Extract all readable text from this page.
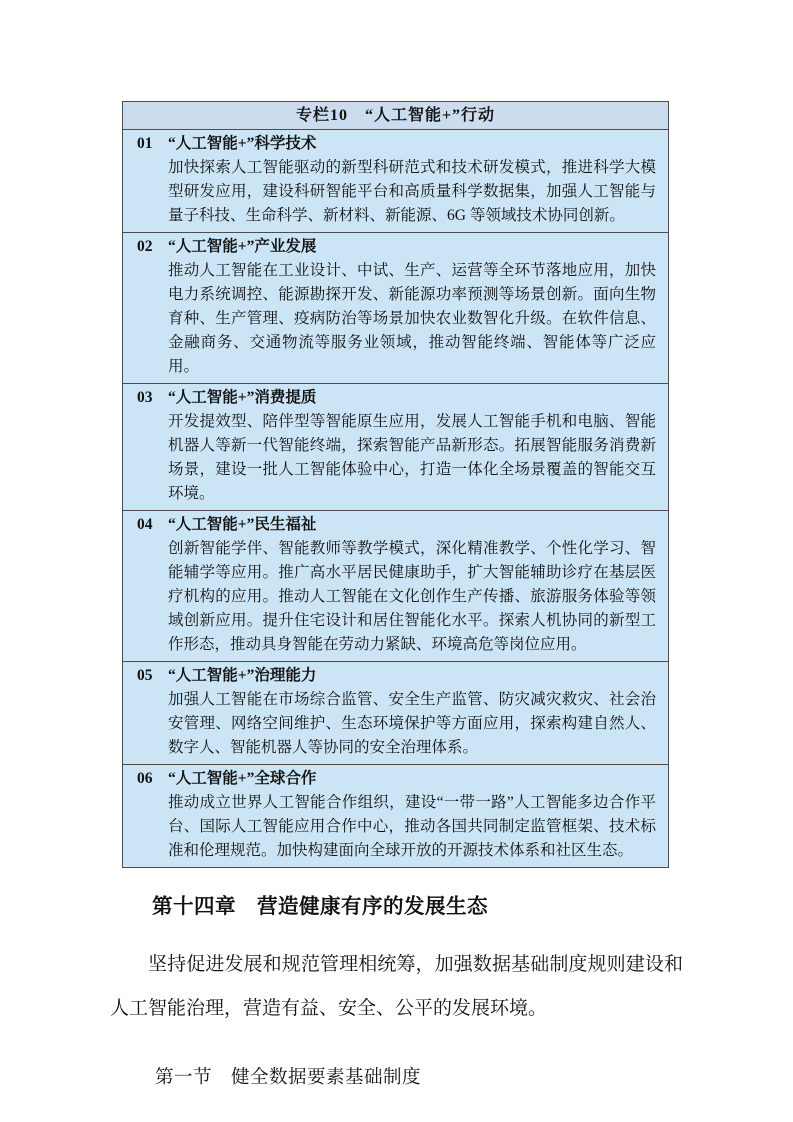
专栏10　“人工智能+”行动
01 “人工智能+”科学技术
加快探索人工智能驱动的新型科研范式和技术研发模式，推进科学大模型研发应用，建设科研智能平台和高质量科学数据集，加强人工智能与量子科技、生命科学、新材料、新能源、6G 等领域技术协同创新。
02 “人工智能+”产业发展
推动人工智能在工业设计、中试、生产、运营等全环节落地应用，加快电力系统调控、能源勘探开发、新能源功率预测等场景创新。面向生物育种、生产管理、疫病防治等场景加快农业数智化升级。在软件信息、金融商务、交通物流等服务业领域，推动智能终端、智能体等广泛应用。
03 “人工智能+”消费提质
开发提效型、陪伴型等智能原生应用，发展人工智能手机和电脑、智能机器人等新一代智能终端，探索智能产品新形态。拓展智能服务消费新场景，建设一批人工智能体验中心，打造一体化全场景覆盖的智能交互环境。
04 “人工智能+”民生福祉
创新智能学伴、智能教师等教学模式，深化精准教学、个性化学习、智能辅学等应用。推广高水平居民健康助手，扩大智能辅助诊疗在基层医疗机构的应用。推动人工智能在文化创作生产传播、旅游服务体验等领域创新应用。提升住宅设计和居住智能化水平。探索人机协同的新型工作形态，推动具身智能在劳动力紧缺、环境高危等岗位应用。
05 “人工智能+”治理能力
加强人工智能在市场综合监管、安全生产监管、防灾减灾救灾、社会治安管理、网络空间维护、生态环境保护等方面应用，探索构建自然人、数字人、智能机器人等协同的安全治理体系。
06 “人工智能+”全球合作
推动成立世界人工智能合作组织，建设“一带一路”人工智能多边合作平台、国际人工智能应用合作中心，推动各国共同制定监管框架、技术标准和伦理规范。加快构建面向全球开放的开源技术体系和社区生态。
第十四章　营造健康有序的发展生态

坚持促进发展和规范管理相统筹，加强数据基础制度规则建设和人工智能治理，营造有益、安全、公平的发展环境。

第一节　健全数据要素基础制度
